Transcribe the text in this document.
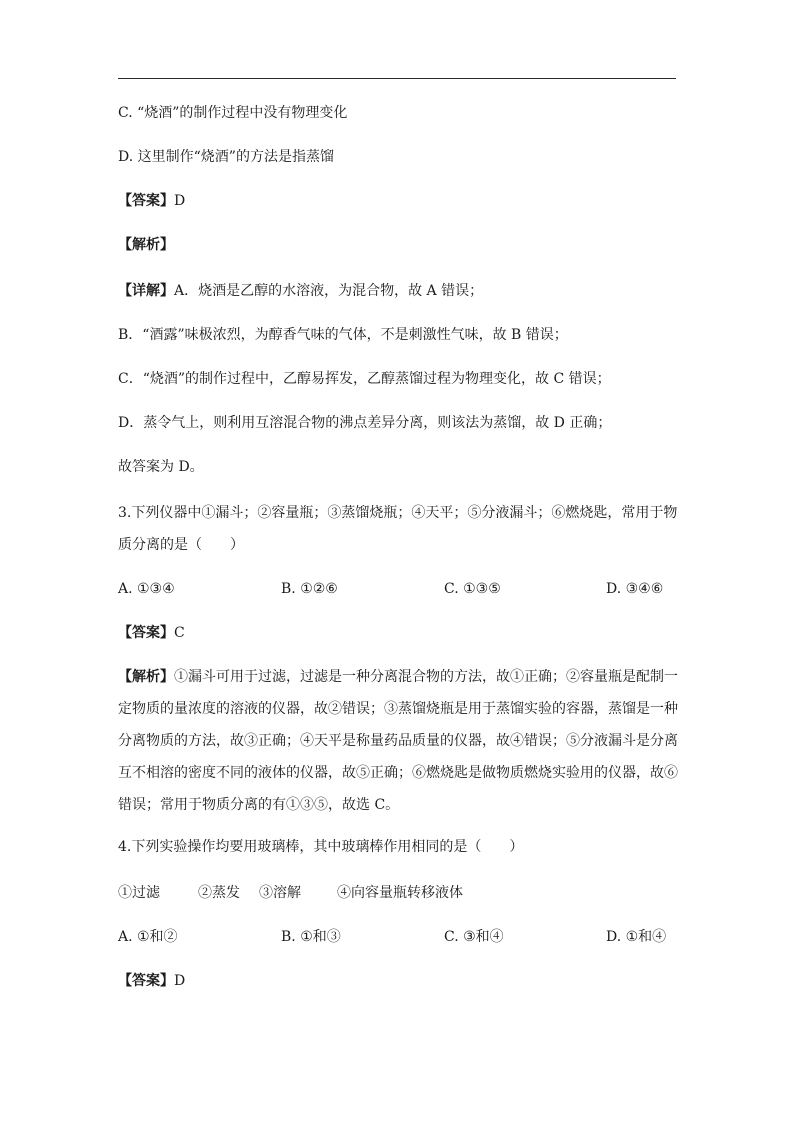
C. “烧酒”的制作过程中没有物理变化
D. 这里制作“烧酒”的方法是指蒸馏
【答案】D
【解析】
【详解】A．烧酒是乙醇的水溶液，为混合物，故 A 错误；
B．“酒露”味极浓烈，为醇香气味的气体，不是刺激性气味，故 B 错误；
C．“烧酒”的制作过程中，乙醇易挥发，乙醇蒸馏过程为物理变化，故 C 错误；
D．蒸令气上，则利用互溶混合物的沸点差异分离，则该法为蒸馏，故 D 正确；
故答案为 D。
3.下列仪器中①漏斗；②容量瓶；③蒸馏烧瓶；④天平；⑤分液漏斗；⑥燃烧匙，常用于物
质分离的是（　　）
A. ①③④	B. ①②⑥	C. ①③⑤	D. ③④⑥
【答案】C
【解析】①漏斗可用于过滤，过滤是一种分离混合物的方法，故①正确；②容量瓶是配制一
定物质的量浓度的溶液的仪器，故②错误；③蒸馏烧瓶是用于蒸馏实验的容器，蒸馏是一种
分离物质的方法，故③正确；④天平是称量药品质量的仪器，故④错误；⑤分液漏斗是分离
互不相溶的密度不同的液体的仪器，故⑤正确；⑥燃烧匙是做物质燃烧实验用的仪器，故⑥
错误；常用于物质分离的有①③⑤，故选 C。
4.下列实验操作均要用玻璃棒，其中玻璃棒作用相同的是（　　）
①过滤	②蒸发 ③溶解	④向容量瓶转移液体
A. ①和②	B. ①和③	C. ③和④	D. ①和④
【答案】D
